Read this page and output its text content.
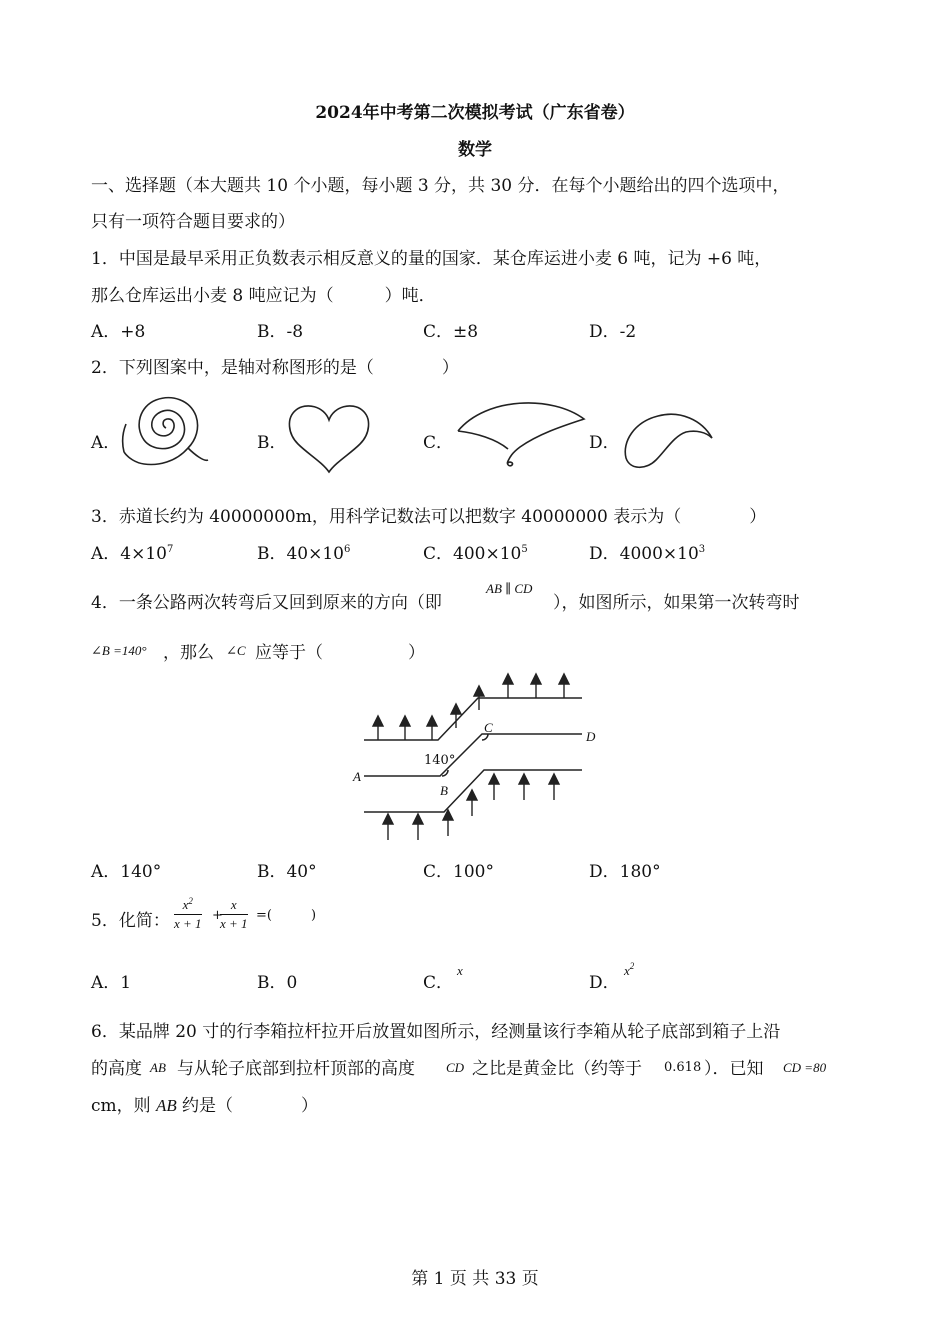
2024年中考第二次模拟考试（广东省卷）
数学
一、选择题（本大题共 10 个小题，每小题 3 分，共 30 分．在每个小题给出的四个选项中，
只有一项符合题目要求的）
1．中国是最早采用正负数表示相反意义的量的国家．某仓库运进小麦 6 吨，记为 +6 吨，
那么仓库运出小麦 8 吨应记为（　　　）吨．
A．+8	B．-8	C．±8	D．-2
2．下列图案中，是轴对称图形的是（　　　　）
A．	B．	C．	D．
3．赤道长约为 40000000m，用科学记数法可以把数字 40000000 表示为（　　　　）
A．$4\times 10^7$	B．$40\times 10^6$	C．$400\times 10^5$	D．$4000\times 10^3$
4．一条公路两次转弯后又回到原来的方向（即
AB ∥ CD
），如图所示，如果第一次转弯时
∠B =140° ，那么 ∠C 应等于（　　　　　）
A
B
C
D
140°
A．140°	B．40°	C．100°	D．180°
5．化简： $\frac{x^2}{x + 1}$ +
$\frac{x}{x + 1}$ =(　　　)
A．1	B．0	C．
x
D．
$x^2$
6．某品牌 20 寸的行李箱拉杆拉开后放置如图所示，经测量该行李箱从轮子底部到箱子上沿
的高度 AB 与从轮子底部到拉杆顶部的高度 CD 之比是黄金比（约等于 0.618 ）．已知 CD =80
cm，则 AB 约是（　　　　）
第 1 页 共 33 页
